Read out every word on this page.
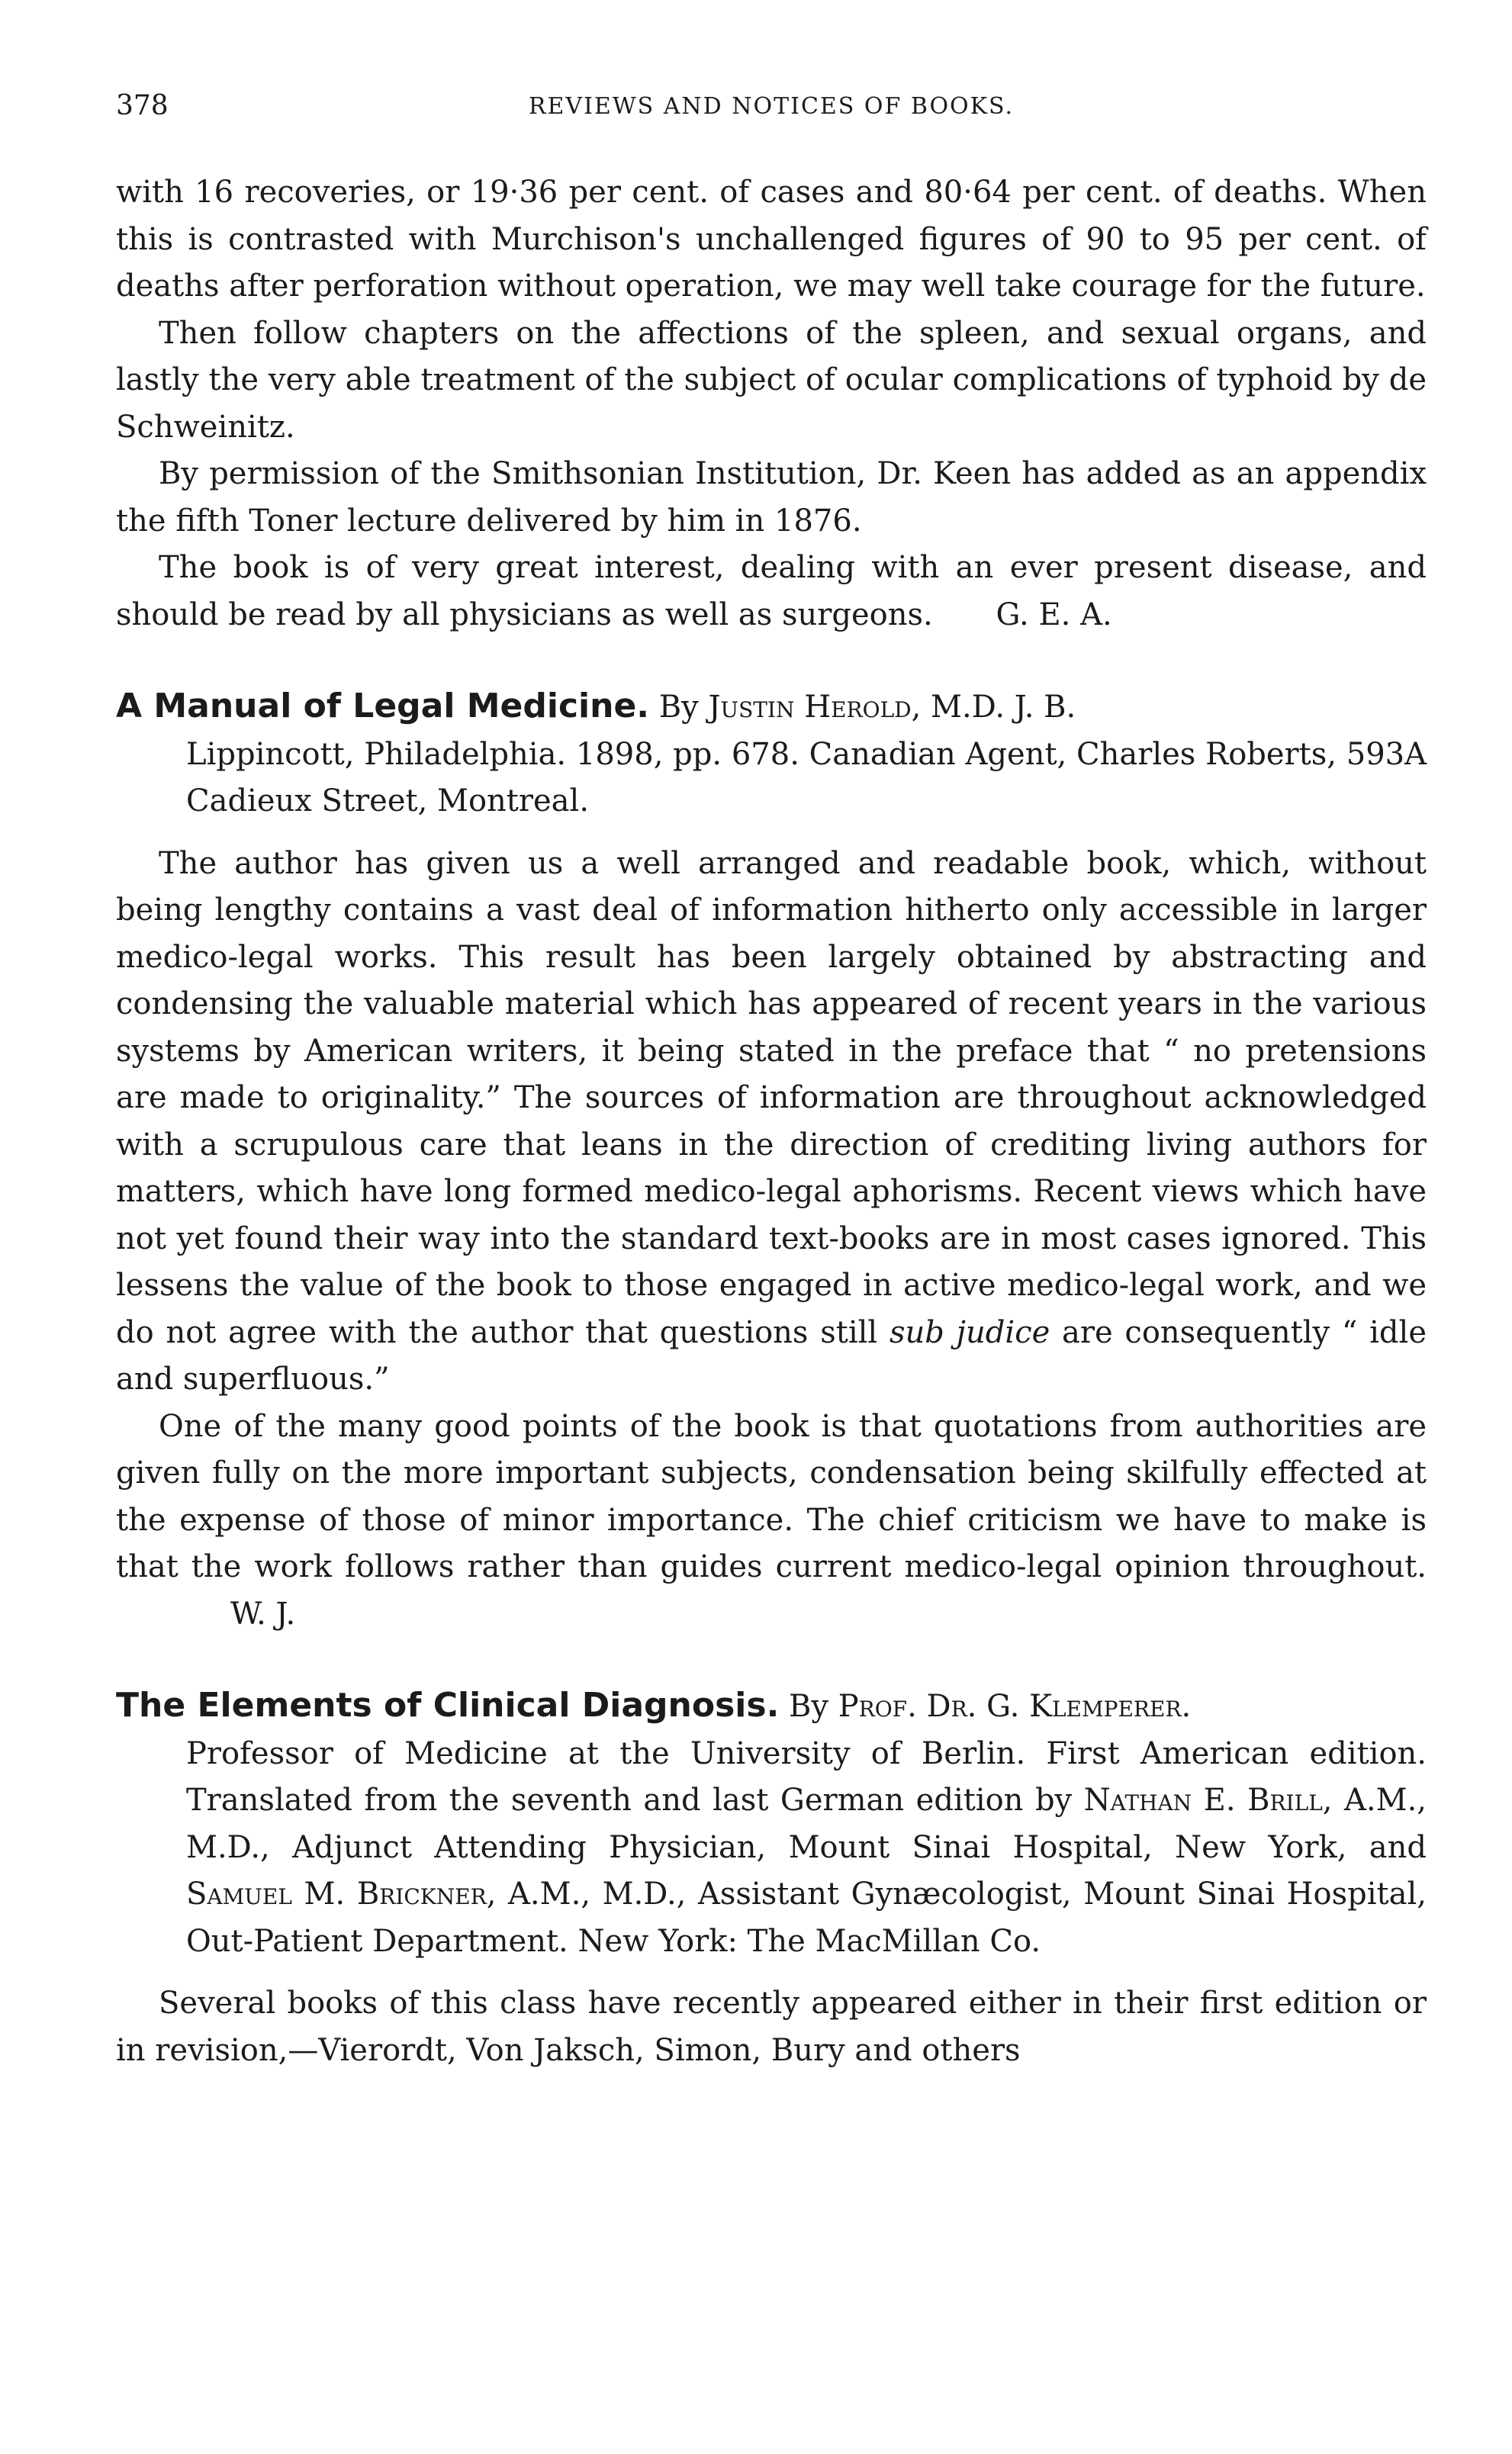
378	REVIEWS AND NOTICES OF BOOKS.

with 16 recoveries, or 19·36 per cent. of cases and 80·64 per cent. of deaths. When this is contrasted with Murchison's unchallenged figures of 90 to 95 per cent. of deaths after perforation without operation, we may well take courage for the future.

Then follow chapters on the affections of the spleen, and sexual organs, and lastly the very able treatment of the subject of ocular complications of typhoid by de Schweinitz.

By permission of the Smithsonian Institution, Dr. Keen has added as an appendix the fifth Toner lecture delivered by him in 1876.

The book is of very great interest, dealing with an ever present disease, and should be read by all physicians as well as surgeons. G. E. A.

A Manual of Legal Medicine. By Justin Herold, M.D. J. B.
Lippincott, Philadelphia. 1898, pp. 678. Canadian Agent, Charles Roberts, 593A Cadieux Street, Montreal.

The author has given us a well arranged and readable book, which, without being lengthy contains a vast deal of information hitherto only accessible in larger medico-legal works. This result has been largely obtained by abstracting and condensing the valuable material which has appeared of recent years in the various systems by American writers, it being stated in the preface that “ no pretensions are made to originality.” The sources of information are throughout acknowledged with a scrupulous care that leans in the direction of crediting living authors for matters, which have long formed medico-legal aphorisms. Recent views which have not yet found their way into the standard text-books are in most cases ignored. This lessens the value of the book to those engaged in active medico-legal work, and we do not agree with the author that questions still sub judice are consequently “ idle and superfluous.”

One of the many good points of the book is that quotations from authorities are given fully on the more important subjects, condensation being skilfully effected at the expense of those of minor importance. The chief criticism we have to make is that the work follows rather than guides current medico-legal opinion throughout. W. J.

The Elements of Clinical Diagnosis. By Prof. Dr. G. Klemperer.
Professor of Medicine at the University of Berlin. First American edition. Translated from the seventh and last German edition by Nathan E. Brill, A.M., M.D., Adjunct Attending Physician, Mount Sinai Hospital, New York, and Samuel M. Brickner, A.M., M.D., Assistant Gynæcologist, Mount Sinai Hospital, Out-Patient Department. New York: The MacMillan Co.

Several books of this class have recently appeared either in their first edition or in revision,—Vierordt, Von Jaksch, Simon, Bury and others
